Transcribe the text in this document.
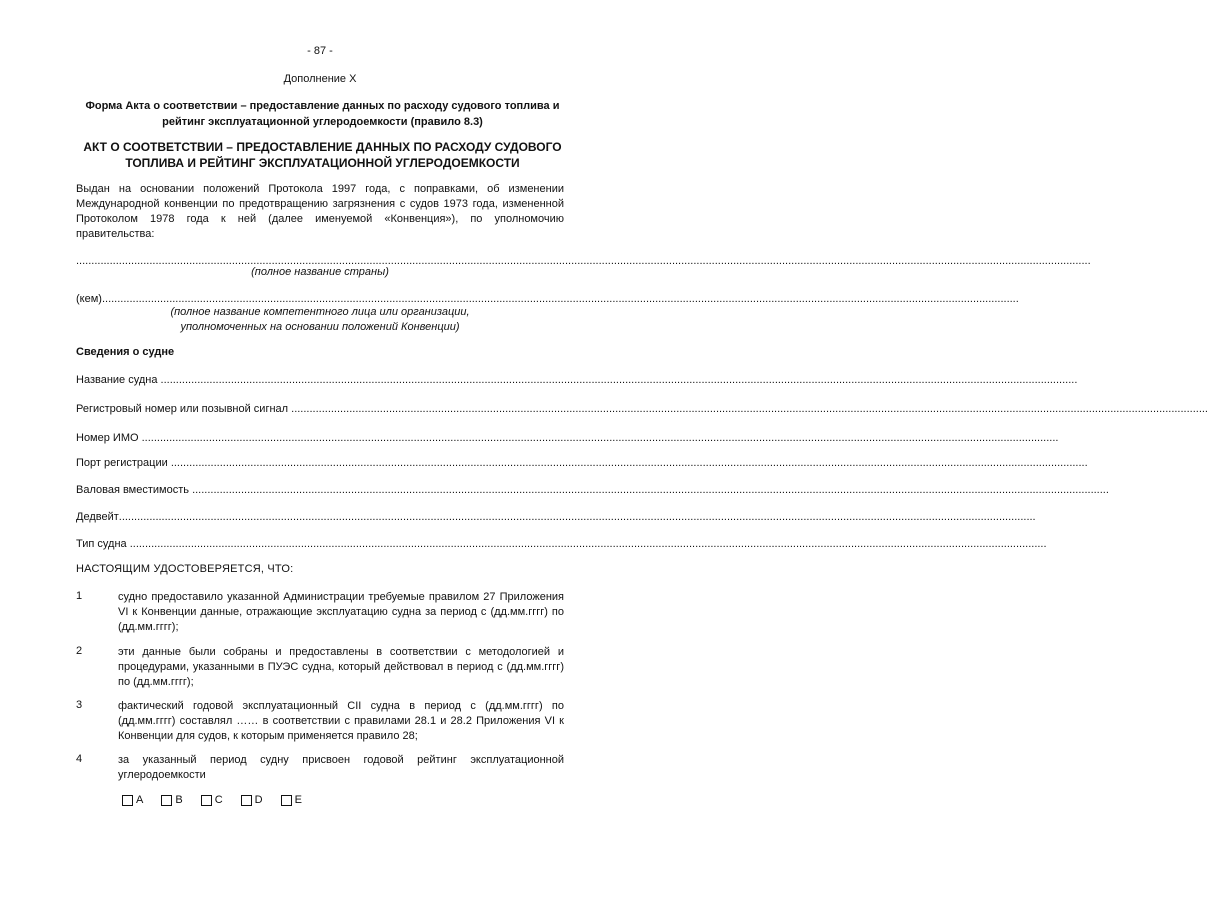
- 87 -
Дополнение X
Форма Акта о соответствии – предоставление данных по расходу судового топлива и рейтинг эксплуатационной углеродоемкости (правило 8.3)
АКТ О СООТВЕТСТВИИ – ПРЕДОСТАВЛЕНИЕ ДАННЫХ ПО РАСХОДУ СУДОВОГО ТОПЛИВА И РЕЙТИНГ ЭКСПЛУАТАЦИОННОЙ УГЛЕРОДОЕМКОСТИ
Выдан на основании положений Протокола 1997 года, с поправками, об изменении Международной конвенции по предотвращению загрязнения с судов 1973 года, измененной Протоколом 1978 года к ней (далее именуемой «Конвенция»), по уполномочию правительства:
.....
(полное название страны)
(кем) ............................................................................................................................................................................................................................................................................................................
(полное название компетентного лица или организации,
уполномоченных на основании положений Конвенции)
Сведения о судне
Название судна
............................................................................................................................................................................................................................................................................................................
Регистровый номер или позывной сигнал
............................................................................................................................................................................................................................................................................................................
Номер ИМО
............................................................................................................................................................................................................................................................................................................
Порт регистрации
............................................................................................................................................................................................................................................................................................................
Валовая вместимость
............................................................................................................................................................................................................................................................................................................
Дедвейт ............................................................................................................................................................................................................................................................................................................
Тип судна
............................................................................................................................................................................................................................................................................................................
НАСТОЯЩИМ УДОСТОВЕРЯЕТСЯ, ЧТО:
1	судно предоставило указанной Администрации требуемые правилом 27 Приложения VI к Конвенции данные, отражающие эксплуатацию судна за период с (дд.мм.гггг) по (дд.мм.гггг);
2	эти данные были собраны и предоставлены в соответствии с методологией и процедурами, указанными в ПУЭС судна, который действовал в период с (дд.мм.гггг) по (дд.мм.гггг);
3	фактический годовой эксплуатационный CII судна в период с (дд.мм.гггг) по (дд.мм.гггг) составлял …… в соответствии с правилами 28.1 и 28.2 Приложения VI к Конвенции для судов, к которым применяется правило 28;
4	за указанный период судну присвоен годовой рейтинг эксплуатационной углеродоемкости
A	B	C	D	E
